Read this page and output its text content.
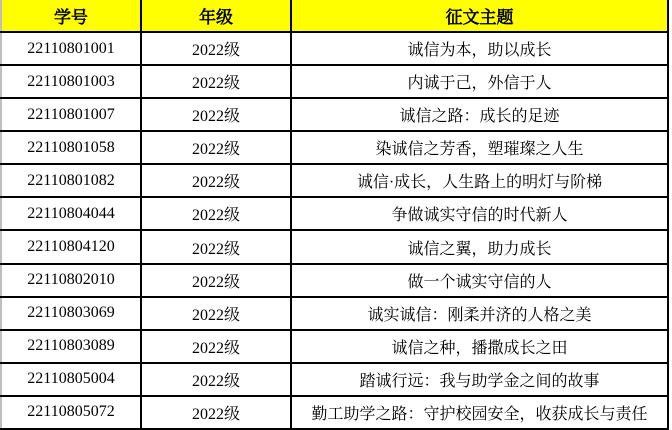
学号	年级	征文主题
22110801001	2022级	诚信为本，助以成长
22110801003	2022级	内诚于己，外信于人
22110801007	2022级	诚信之路：成长的足迹
22110801058	2022级	染诚信之芳香，塑璀璨之人生
22110801082	2022级	诚信·成长，人生路上的明灯与阶梯
22110804044	2022级	争做诚实守信的时代新人
22110804120	2022级	诚信之翼，助力成长
22110802010	2022级	做一个诚实守信的人
22110803069	2022级	诚实诚信：刚柔并济的人格之美
22110803089	2022级	诚信之种，播撒成长之田
22110805004	2022级	踏诚行远：我与助学金之间的故事
22110805072	2022级	勤工助学之路：守护校园安全，收获成长与责任
